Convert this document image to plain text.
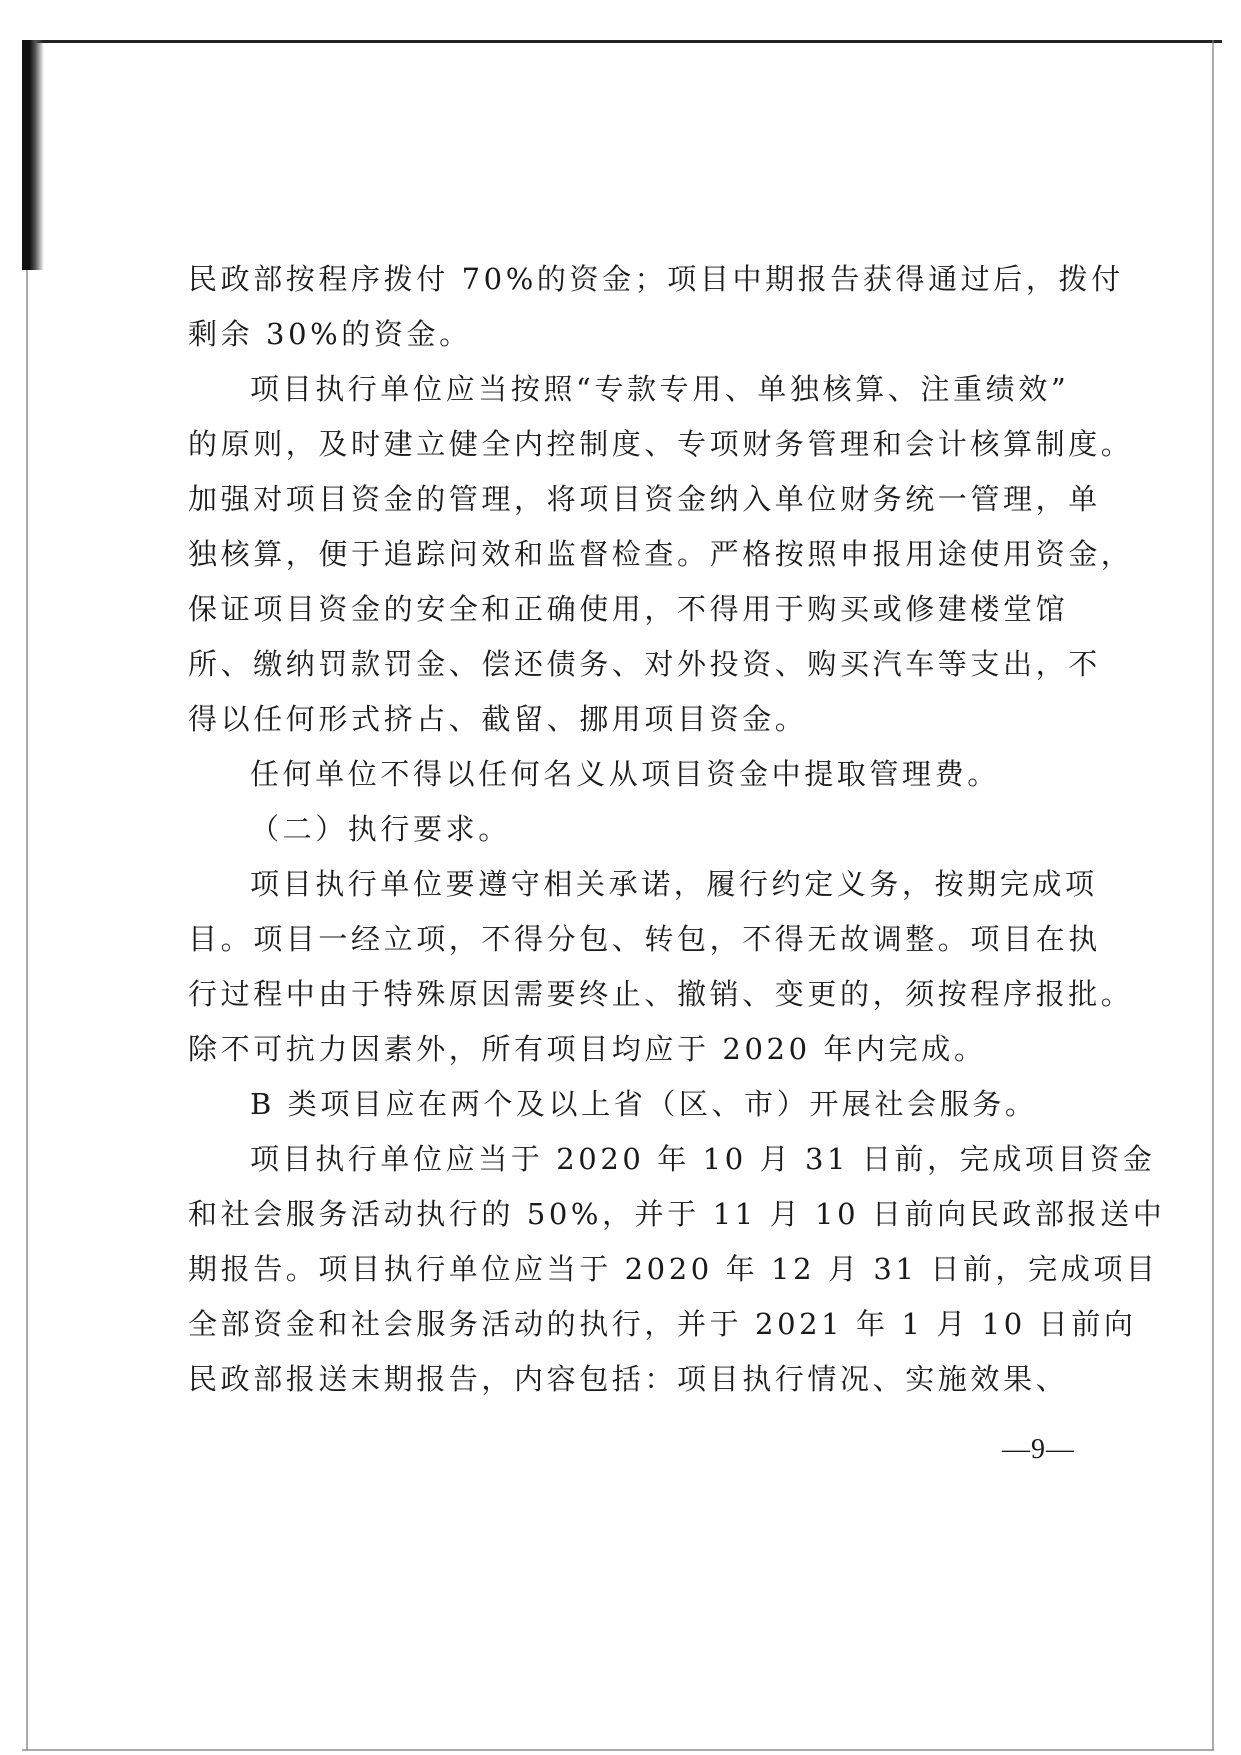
民政部按程序拨付 70%的资金；项目中期报告获得通过后，拨付
剩余 30%的资金。
项目执行单位应当按照“专款专用、单独核算、注重绩效”
的原则，及时建立健全内控制度、专项财务管理和会计核算制度。
加强对项目资金的管理，将项目资金纳入单位财务统一管理，单
独核算，便于追踪问效和监督检查。严格按照申报用途使用资金，
保证项目资金的安全和正确使用，不得用于购买或修建楼堂馆
所、缴纳罚款罚金、偿还债务、对外投资、购买汽车等支出，不
得以任何形式挤占、截留、挪用项目资金。
任何单位不得以任何名义从项目资金中提取管理费。
（二）执行要求。
项目执行单位要遵守相关承诺，履行约定义务，按期完成项
目。项目一经立项，不得分包、转包，不得无故调整。项目在执
行过程中由于特殊原因需要终止、撤销、变更的，须按程序报批。
除不可抗力因素外，所有项目均应于 2020 年内完成。
B 类项目应在两个及以上省（区、市）开展社会服务。
项目执行单位应当于 2020 年 10 月 31 日前，完成项目资金
和社会服务活动执行的 50%，并于 11 月 10 日前向民政部报送中
期报告。项目执行单位应当于 2020 年 12 月 31 日前，完成项目
全部资金和社会服务活动的执行，并于 2021 年 1 月 10 日前向
民政部报送末期报告，内容包括：项目执行情况、实施效果、
—9—
